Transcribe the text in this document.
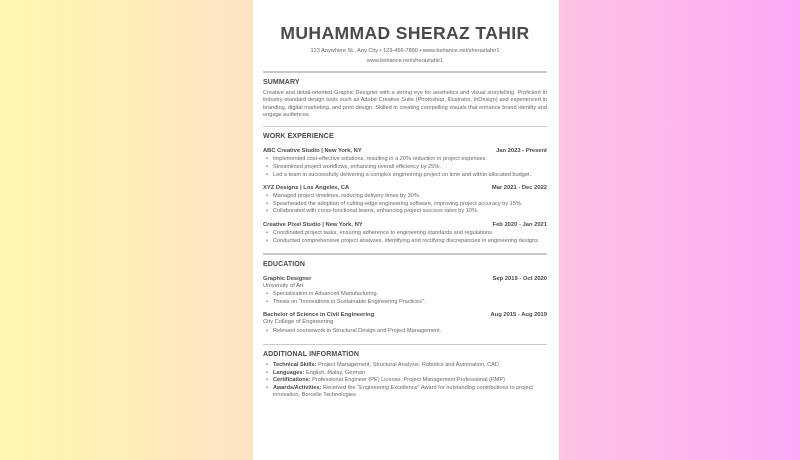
MUHAMMAD SHERAZ TAHIR
123 Anywhere St., Any City • 123-456-7890 • www.behance.net/sheraztahir1
www.behance.net/sheraztahir1
SUMMARY
Creative and detail-oriented Graphic Designer with a strong eye for aesthetics and visual storytelling. Proficient in industry-standard design tools such as Adobe Creative Suite (Photoshop, Illustrator, InDesign) and experienced in branding, digital marketing, and print design. Skilled in creating compelling visuals that enhance brand identity and engage audiences.
WORK EXPERIENCE
ABC Creative Studio | New York, NY	Jan 2023 - Present
• Implemented cost-effective solutions, resulting in a 20% reduction in project expenses.
• Streamlined project workflows, enhancing overall efficiency by 25%.
• Led a team in successfully delivering a complex engineering project on time and within allocated budget.
XYZ Designs | Los Angeles, CA	Mar 2021 - Dec 2022
• Managed project timelines, reducing delivery times by 30%.
• Spearheaded the adoption of cutting-edge engineering software, improving project accuracy by 15%.
• Collaborated with cross-functional teams, enhancing project success rates by 10%.
Creative Pixel Studio | New York, NY	Feb 2020 - Jan 2021
• Coordinated project tasks, ensuring adherence to engineering standards and regulations.
• Conducted comprehensive project analyses, identifying and rectifying discrepancies in engineering designs.
EDUCATION
Graphic Designer	Sep 2019 - Oct 2020
University of Art
• Specialization in Advanced Manufacturing.
• Thesis on "Innovations in Sustainable Engineering Practices".
Bachelor of Science in Civil Engineering	Aug 2015 - Aug 2019
City College of Engineering
• Relevant coursework in Structural Design and Project Management.
ADDITIONAL INFORMATION
• Technical Skills: Project Management, Structural Analysis, Robotics and Automation, CAD
• Languages: English, Malay, German
• Certifications: Professional Engineer (PE) License, Project Management Professional (PMP)
• Awards/Activities: Received the "Engineering Excellence" Award for outstanding contributions to project innovation, Borcelle Technologies
